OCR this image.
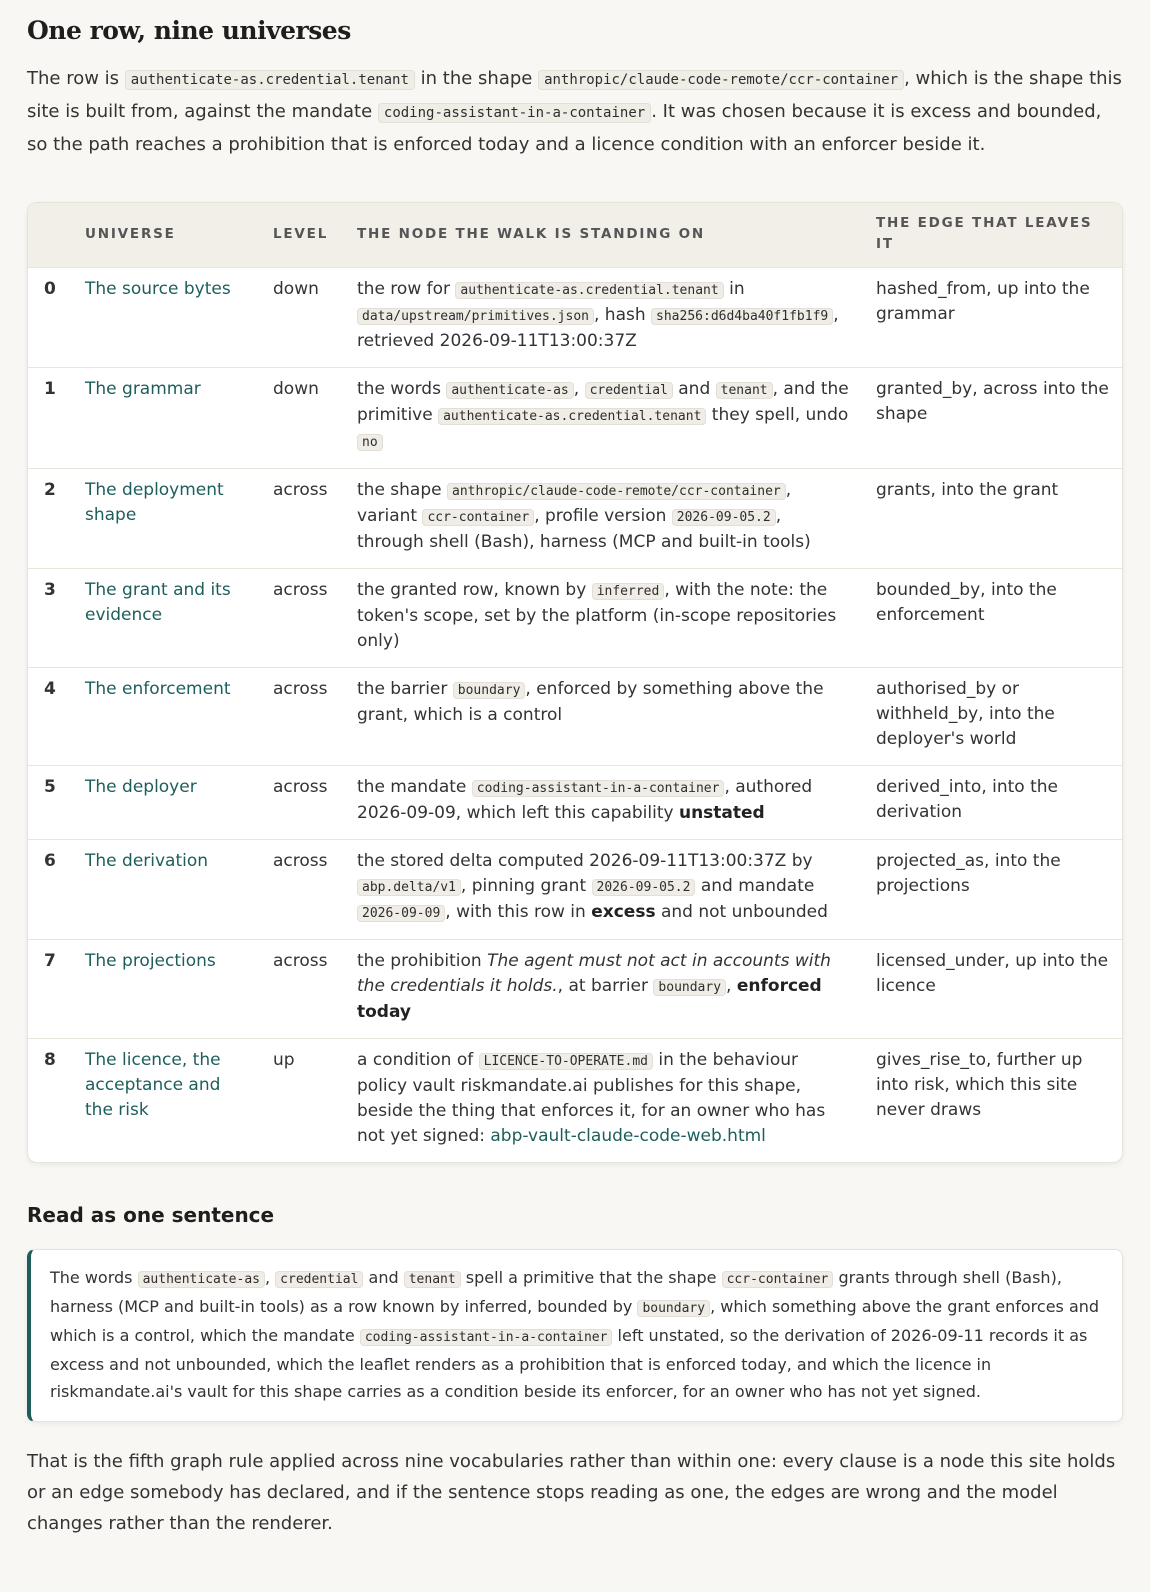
One row, nine universes

The row is authenticate-as.credential.tenant in the shape anthropic/claude-code-remote/ccr-container , which is the shape this site is built from, against the mandate coding-assistant-in-a-container . It was chosen because it is excess and bounded, so the path reaches a prohibition that is enforced today and a licence condition with an enforcer beside it.

	UNIVERSE	LEVEL	THE NODE THE WALK IS STANDING ON	THE EDGE THAT LEAVES IT
0	The source bytes	down	the row for authenticate-as.credential.tenant in data/upstream/primitives.json , hash sha256:d6d4ba40f1fb1f9 , retrieved 2026-09-11T13:00:37Z	hashed_from, up into the grammar
1	The grammar	down	the words authenticate-as , credential and tenant , and the primitive authenticate-as.credential.tenant they spell, undo no	granted_by, across into the shape
2	The deployment shape	across	the shape anthropic/claude-code-remote/ccr-container , variant ccr-container , profile version 2026-09-05.2 , through shell (Bash), harness (MCP and built-in tools)	grants, into the grant
3	The grant and its evidence	across	the granted row, known by inferred , with the note: the token's scope, set by the platform (in-scope repositories only)	bounded_by, into the enforcement
4	The enforcement	across	the barrier boundary , enforced by something above the grant, which is a control	authorised_by or withheld_by, into the deployer's world
5	The deployer	across	the mandate coding-assistant-in-a-container , authored 2026-09-09, which left this capability unstated	derived_into, into the derivation
6	The derivation	across	the stored delta computed 2026-09-11T13:00:37Z by abp.delta/v1 , pinning grant 2026-09-05.2 and mandate 2026-09-09 , with this row in excess and not unbounded	projected_as, into the projections
7	The projections	across	the prohibition The agent must not act in accounts with the credentials it holds., at barrier boundary , enforced today	licensed_under, up into the licence
8	The licence, the acceptance and the risk	up	a condition of LICENCE-TO-OPERATE.md in the behaviour policy vault riskmandate.ai publishes for this shape, beside the thing that enforces it, for an owner who has not yet signed: abp-vault-claude-code-web.html	gives_rise_to, further up into risk, which this site never draws
Read as one sentence
The words authenticate-as , credential and tenant spell a primitive that the shape ccr-container grants through shell (Bash), harness (MCP and built-in tools) as a row known by inferred, bounded by boundary , which something above the grant enforces and which is a control, which the mandate coding-assistant-in-a-container left unstated, so the derivation of 2026-09-11 records it as excess and not unbounded, which the leaflet renders as a prohibition that is enforced today, and which the licence in riskmandate.ai's vault for this shape carries as a condition beside its enforcer, for an owner who has not yet signed.

That is the fifth graph rule applied across nine vocabularies rather than within one: every clause is a node this site holds or an edge somebody has declared, and if the sentence stops reading as one, the edges are wrong and the model changes rather than the renderer.
